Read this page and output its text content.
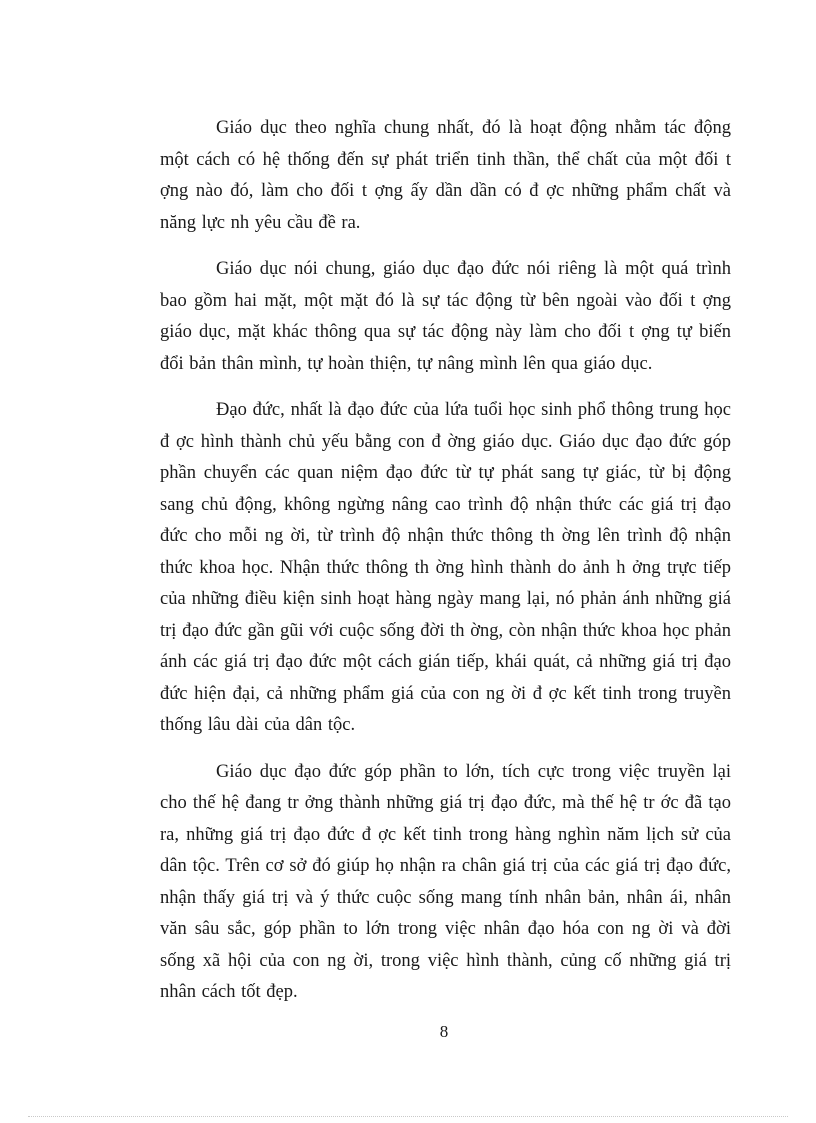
Giáo dục theo nghĩa chung nhất, đó là hoạt động nhằm tác động một cách có hệ thống đến sự phát triển tinh thần, thể chất của một đối t ợng nào đó, làm cho đối t ợng ấy dần dần có đ ợc những phẩm chất và năng lực nh yêu cầu đề ra.

Giáo dục nói chung, giáo dục đạo đức nói riêng là một quá trình bao gồm hai mặt, một mặt đó là sự tác động từ bên ngoài vào đối t ợng giáo dục, mặt khác thông qua sự tác động này làm cho đối t ợng tự biến đổi bản thân mình, tự hoàn thiện, tự nâng mình lên qua giáo dục.

Đạo đức, nhất là đạo đức của lứa tuổi học sinh phổ thông trung học đ ợc hình thành chủ yếu bằng con đ ờng giáo dục. Giáo dục đạo đức góp phần chuyển các quan niệm đạo đức từ tự phát sang tự giác, từ bị động sang chủ động, không ngừng nâng cao trình độ nhận thức các giá trị đạo đức cho mỗi ng ời, từ trình độ nhận thức thông th ờng lên trình độ nhận thức khoa học. Nhận thức thông th ờng hình thành do ảnh h ởng trực tiếp của những điều kiện sinh hoạt hàng ngày mang lại, nó phản ánh những giá trị đạo đức gần gũi với cuộc sống đời th ờng, còn nhận thức khoa học phản ánh các giá trị đạo đức một cách gián tiếp, khái quát, cả những giá trị đạo đức hiện đại, cả những phẩm giá của con ng ời đ ợc kết tinh trong truyền thống lâu dài của dân tộc.

Giáo dục đạo đức góp phần to lớn, tích cực trong việc truyền lại cho thế hệ đang tr ởng thành những giá trị đạo đức, mà thế hệ tr ớc đã tạo ra, những giá trị đạo đức đ ợc kết tinh trong hàng nghìn năm lịch sử của dân tộc. Trên cơ sở đó giúp họ nhận ra chân giá trị của các giá trị đạo đức, nhận thấy giá trị và ý thức cuộc sống mang tính nhân bản, nhân ái, nhân văn sâu sắc, góp phần to lớn trong việc nhân đạo hóa con ng ời và đời sống xã hội của con ng ời, trong việc hình thành, củng cố những giá trị nhân cách tốt đẹp.

8
